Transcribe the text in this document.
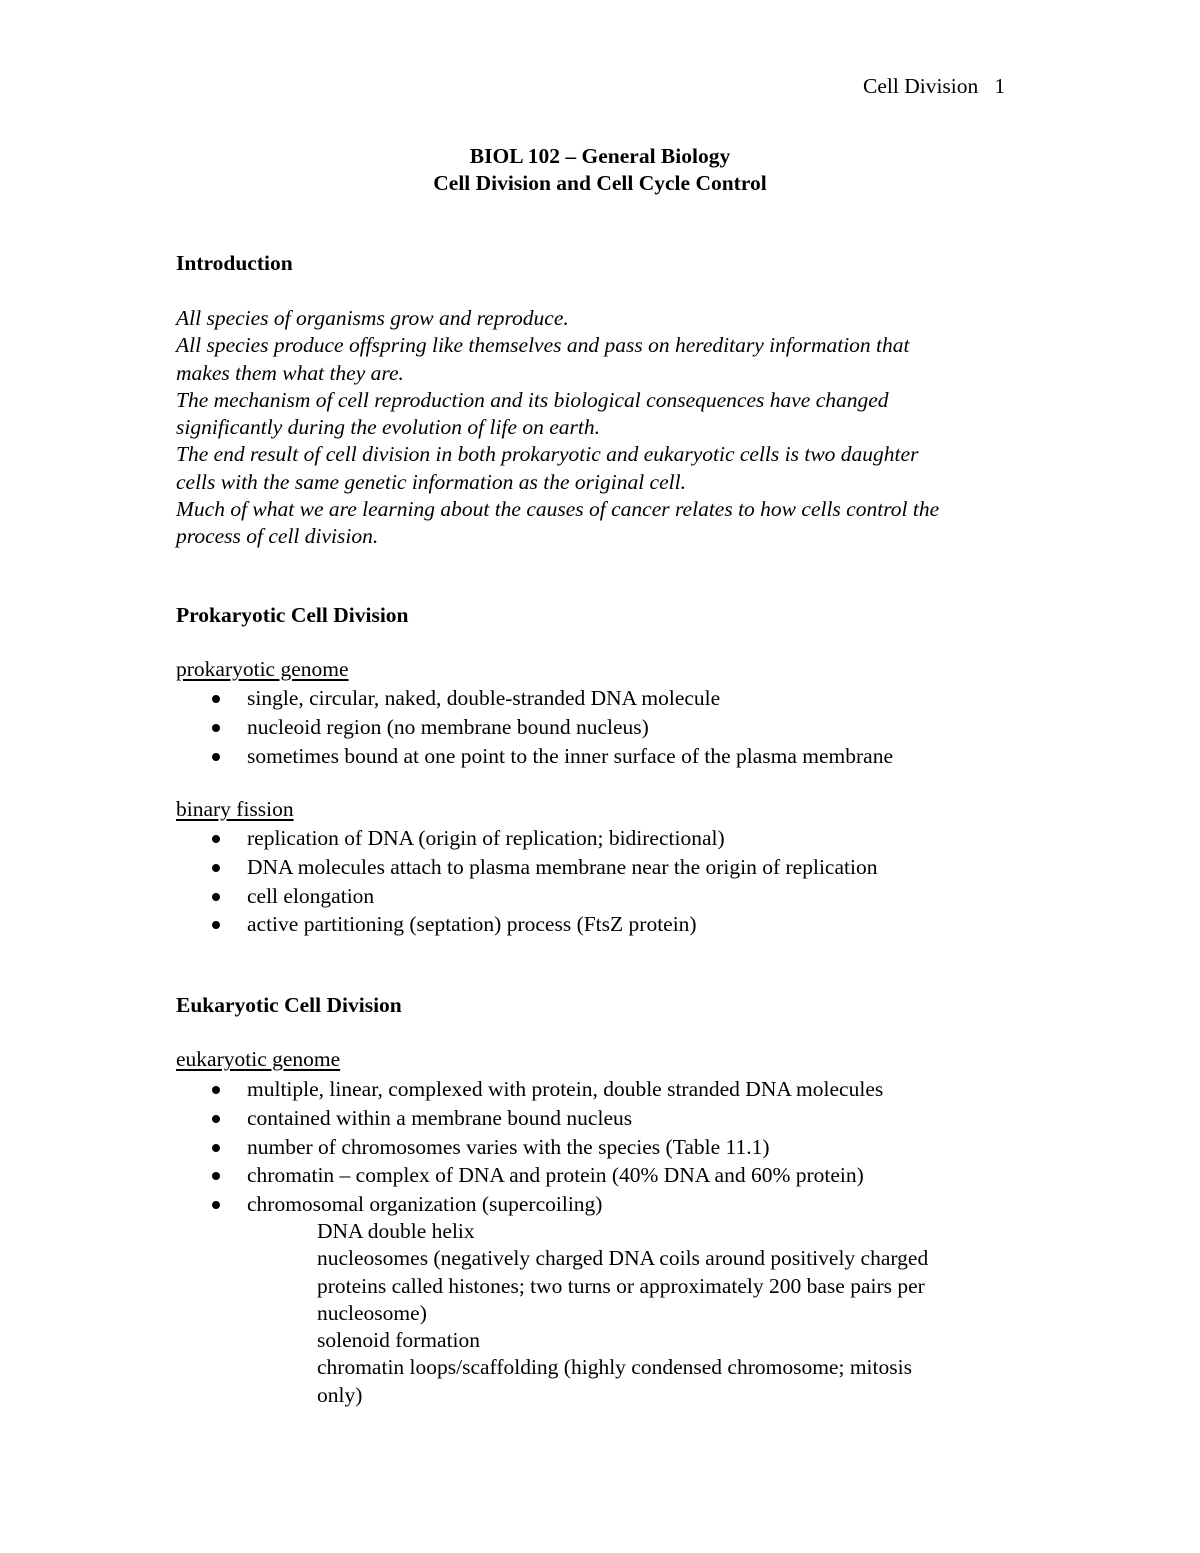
Cell Division   1
BIOL 102 – General Biology
Cell Division and Cell Cycle Control
Introduction
All species of organisms grow and reproduce.
All species produce offspring like themselves and pass on hereditary information that
makes them what they are.
The mechanism of cell reproduction and its biological consequences have changed
significantly during the evolution of life on earth.
The end result of cell division in both prokaryotic and eukaryotic cells is two daughter
cells with the same genetic information as the original cell.
Much of what we are learning about the causes of cancer relates to how cells control the
process of cell division.
Prokaryotic Cell Division
prokaryotic genome
single, circular, naked, double-stranded DNA molecule
nucleoid region (no membrane bound nucleus)
sometimes bound at one point to the inner surface of the plasma membrane
binary fission
replication of DNA (origin of replication; bidirectional)
DNA molecules attach to plasma membrane near the origin of replication
cell elongation
active partitioning (septation) process (FtsZ protein)
Eukaryotic Cell Division
eukaryotic genome
multiple, linear, complexed with protein, double stranded DNA molecules
contained within a membrane bound nucleus
number of chromosomes varies with the species (Table 11.1)
chromatin – complex of DNA and protein (40% DNA and 60% protein)
chromosomal organization (supercoiling)
DNA double helix
nucleosomes (negatively charged DNA coils around positively charged
proteins called histones; two turns or approximately 200 base pairs per
nucleosome)
solenoid formation
chromatin loops/scaffolding (highly condensed chromosome; mitosis
only)
